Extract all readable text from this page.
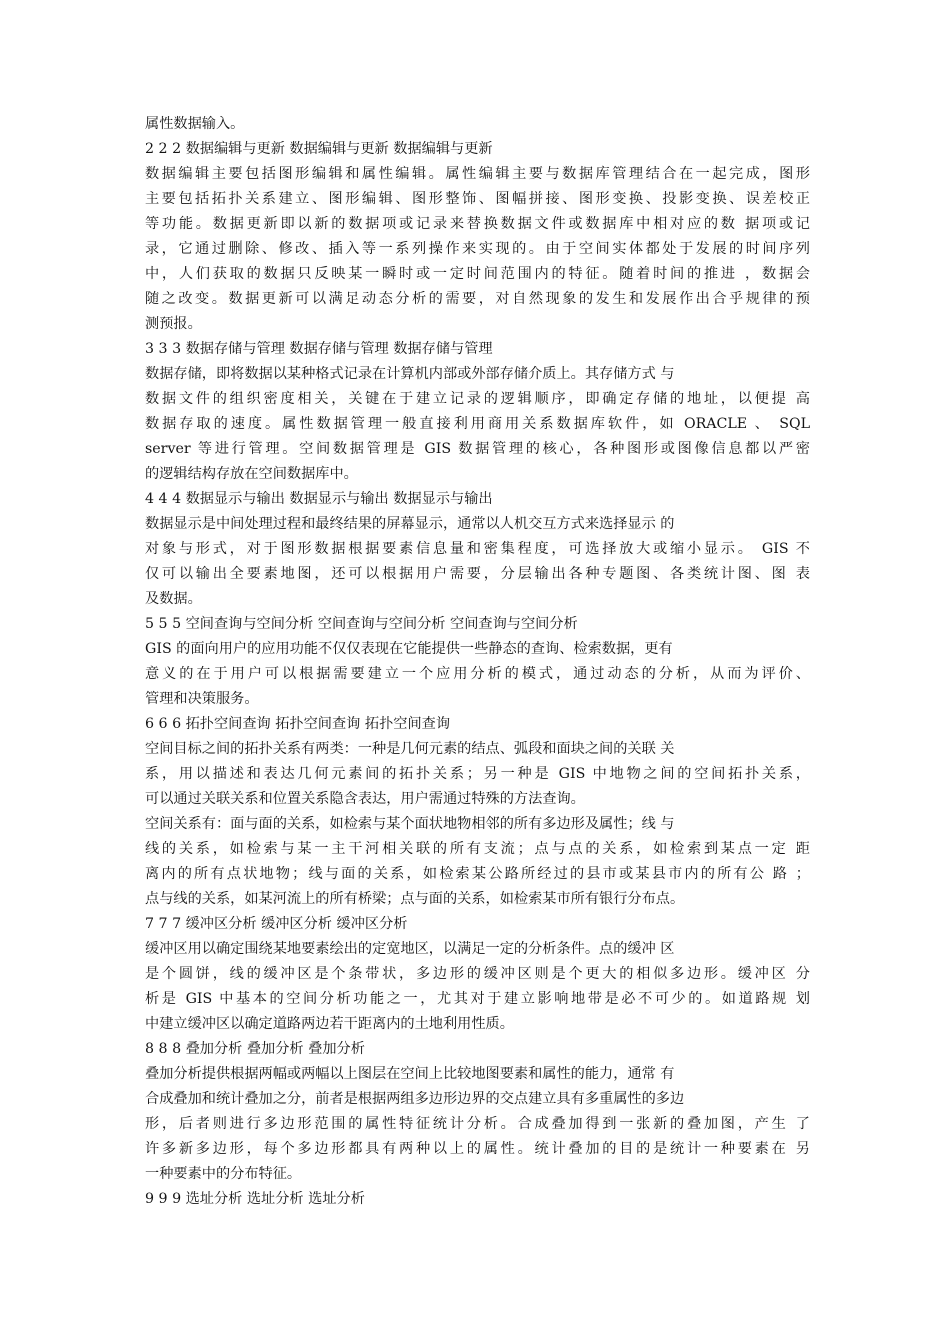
属性数据输入。
2 2 2 数据编辑与更新 数据编辑与更新 数据编辑与更新
数据编辑主要包括图形编辑和属性编辑。属性编辑主要与数据库管理结合在一起完成，图形
主要包括拓扑关系建立、图形编辑、图形整饰、图幅拼接、图形变换、投影变换、误差校正
等功能。数据更新即以新的数据项或记录来替换数据文件或数据库中相对应的数 据项或记
录，它通过删除、修改、插入等一系列操作来实现的。由于空间实体都处于发展的时间序列
中，人们获取的数据只反映某一瞬时或一定时间范围内的特征。随着时间的推进 ，数据会
随之改变。数据更新可以满足动态分析的需要，对自然现象的发生和发展作出合乎规律的预
测预报。
3 3 3 数据存储与管理 数据存储与管理 数据存储与管理
数据存储，即将数据以某种格式记录在计算机内部或外部存储介质上。其存储方式 与
数据文件的组织密度相关，关键在于建立记录的逻辑顺序，即确定存储的地址，以便提 高
数据存取的速度。属性数据管理一般直接利用商用关系数据库软件，如 ORACLE 、 SQL
server 等进行管理。空间数据管理是 GIS 数据管理的核心，各种图形或图像信息都以严密
的逻辑结构存放在空间数据库中。
4 4 4 数据显示与输出 数据显示与输出 数据显示与输出
数据显示是中间处理过程和最终结果的屏幕显示，通常以人机交互方式来选择显示 的
对象与形式，对于图形数据根据要素信息量和密集程度，可选择放大或缩小显示。 GIS 不
仅可以输出全要素地图，还可以根据用户需要，分层输出各种专题图、各类统计图、图 表
及数据。
5 5 5 空间查询与空间分析 空间查询与空间分析 空间查询与空间分析
GIS 的面向用户的应用功能不仅仅表现在它能提供一些静态的查询、检索数据，更有
意义的在于用户可以根据需要建立一个应用分析的模式，通过动态的分析，从而为评价、
管理和决策服务。
6 6 6 拓扑空间查询 拓扑空间查询 拓扑空间查询
空间目标之间的拓扑关系有两类：一种是几何元素的结点、弧段和面块之间的关联 关
系，用以描述和表达几何元素间的拓扑关系；另一种是 GIS 中地物之间的空间拓扑关系，
可以通过关联关系和位置关系隐含表达，用户需通过特殊的方法查询。
空间关系有：面与面的关系，如检索与某个面状地物相邻的所有多边形及属性；线 与
线的关系，如检索与某一主干河相关联的所有支流；点与点的关系，如检索到某点一定 距
离内的所有点状地物；线与面的关系，如检索某公路所经过的县市或某县市内的所有公 路 ；
点与线的关系，如某河流上的所有桥梁；点与面的关系，如检索某市所有银行分布点。
7 7 7 缓冲区分析 缓冲区分析 缓冲区分析
缓冲区用以确定围绕某地要素绘出的定宽地区，以满足一定的分析条件。点的缓冲 区
是个圆饼，线的缓冲区是个条带状，多边形的缓冲区则是个更大的相似多边形。缓冲区 分
析是 GIS 中基本的空间分析功能之一，尤其对于建立影响地带是必不可少的。如道路规 划
中建立缓冲区以确定道路两边若干距离内的土地利用性质。
8 8 8 叠加分析 叠加分析 叠加分析
叠加分析提供根据两幅或两幅以上图层在空间上比较地图要素和属性的能力，通常 有
合成叠加和统计叠加之分，前者是根据两组多边形边界的交点建立具有多重属性的多边
形，后者则进行多边形范围的属性特征统计分析。合成叠加得到一张新的叠加图，产生 了
许多新多边形，每个多边形都具有两种以上的属性。统计叠加的目的是统计一种要素在 另
一种要素中的分布特征。
9 9 9 选址分析 选址分析 选址分析
